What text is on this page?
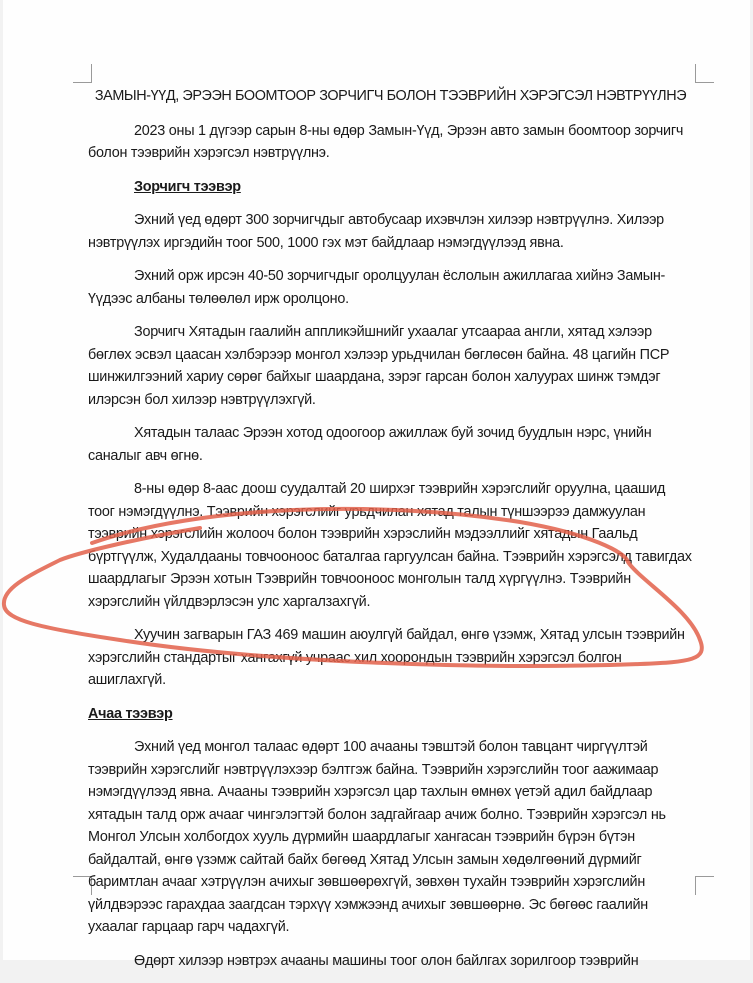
ЗАМЫН-ҮҮД, ЭРЭЭН БООМТООР ЗОРЧИГЧ БОЛОН ТЭЭВРИЙН ХЭРЭГСЭЛ НЭВТРҮҮЛНЭ

2023 оны 1 дүгээр сарын 8-ны өдөр Замын-Үүд, Эрээн авто замын боомтоор зорчигч болон тээврийн хэрэгсэл нэвтрүүлнэ.

Зорчигч тээвэр

Эхний үед өдөрт 300 зорчигчдыг автобусаар ихэвчлэн хилээр нэвтрүүлнэ. Хилээр нэвтрүүлэх иргэдийн тоог 500, 1000 гэх мэт байдлаар нэмэгдүүлээд явна.

Эхний орж ирсэн 40-50 зорчигчдыг оролцуулан ёслолын ажиллагаа хийнэ Замын-Үүдээс албаны төлөөлөл ирж оролцоно.

Зорчигч Хятадын гаалийн аппликэйшнийг ухаалаг утсаараа англи, хятад хэлээр бөглөх эсвэл цаасан хэлбэрээр монгол хэлээр урьдчилан бөглөсөн байна. 48 цагийн ПСР шинжилгээний хариу сөрөг байхыг шаардана, зэрэг гарсан болон халуурах шинж тэмдэг илэрсэн бол хилээр нэвтрүүлэхгүй.

Хятадын талаас Эрээн хотод одоогоор ажиллаж буй зочид буудлын нэрс, үнийн саналыг авч өгнө.

8-ны өдөр 8-аас доош суудалтай 20 ширхэг тээврийн хэрэгслийг оруулна, цаашид тоог нэмэгдүүлнэ. Тээврийн хэрэгслийг урьдчилан хятад талын түншээрээ дамжуулан тээврийн хэрэгслийн жолооч болон тээврийн хэрэслийн мэдээллийг хятадын Гаальд бүртгүүлж, Худалдааны товчооноос баталгаа гаргуулсан байна. Тээврийн хэрэгсэлд тавигдах шаардлагыг Эрээн хотын Тээврийн товчооноос монголын талд хүргүүлнэ. Тээврийн хэрэгслийн үйлдвэрлэсэн улс харгалзахгүй.

Хуучин загварын ГАЗ 469 машин аюулгүй байдал, өнгө үзэмж, Хятад улсын тээврийн хэрэгслийн стандартыг хангахгүй учраас хил хоорондын тээврийн хэрэгсэл болгон ашиглахгүй.

Ачаа тээвэр

Эхний үед монгол талаас өдөрт 100 ачааны тэвштэй болон тавцант чиргүүлтэй тээврийн хэрэгслийг нэвтрүүлэхээр бэлтгэж байна. Тээврийн хэрэгслийн тоог аажимаар нэмэгдүүлээд явна. Ачааны тээврийн хэрэгсэл цар тахлын өмнөх үетэй адил байдлаар хятадын талд орж ачааг чингэлэгтэй болон задгайгаар ачиж болно. Тээврийн хэрэгсэл нь Монгол Улсын холбогдох хууль дүрмийн шаардлагыг хангасан тээврийн бүрэн бүтэн байдалтай, өнгө үзэмж сайтай байх бөгөөд Хятад Улсын замын хөдөлгөөний дүрмийг баримтлан ачааг хэтрүүлэн ачихыг зөвшөөрөхгүй, зөвхөн тухайн тээврийн хэрэгслийн үйлдвэрээс гарахдаа заагдсан тэрхүү хэмжээнд ачихыг зөвшөөрнө. Эс бөгөөс гаалийн ухаалаг гарцаар гарч чадахгүй.

Өдөрт хилээр нэвтрэх ачааны машины тоог олон байлгах зорилгоор тээврийн
